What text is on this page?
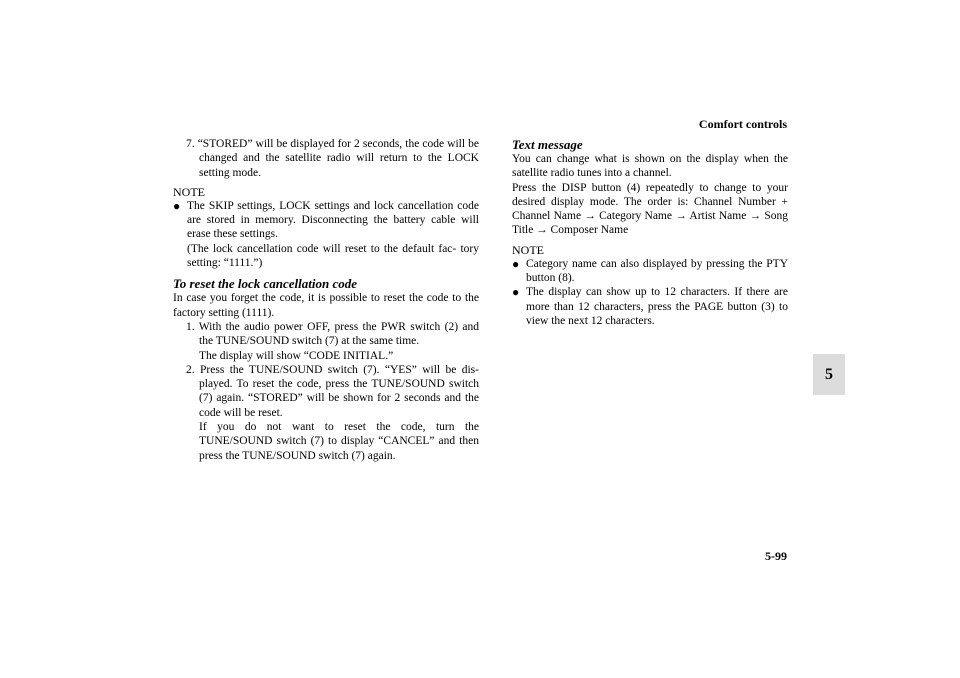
Comfort controls
5

7. “STORED” will be displayed for 2 seconds, the code will be changed and the satellite radio will return to the LOCK setting mode.

NOTE

● The SKIP settings, LOCK settings and lock cancellation code are stored in memory. Disconnecting the battery cable will erase these settings.

(The lock cancellation code will reset to the default fac- tory setting: “1111.”)

To reset the lock cancellation code

In case you forget the code, it is possible to reset the code to the factory setting (1111).

1. With the audio power OFF, press the PWR switch (2) and the TUNE/SOUND switch (7) at the same time.

The display will show “CODE INITIAL.”

2. Press the TUNE/SOUND switch (7). “YES” will be dis- played. To reset the code, press the TUNE/SOUND switch (7) again. “STORED” will be shown for 2 seconds and the code will be reset.

If you do not want to reset the code, turn the TUNE/SOUND switch (7) to display “CANCEL” and then press the TUNE/SOUND switch (7) again.

Text message

You can change what is shown on the display when the satellite radio tunes into a channel.

Press the DISP button (4) repeatedly to change to your desired display mode. The order is: Channel Number + Channel Name → Category Name → Artist Name → Song Title → Composer Name

NOTE

● Category name can also displayed by pressing the PTY button (8).

● The display can show up to 12 characters. If there are more than 12 characters, press the PAGE button (3) to view the next 12 characters.

5-99
